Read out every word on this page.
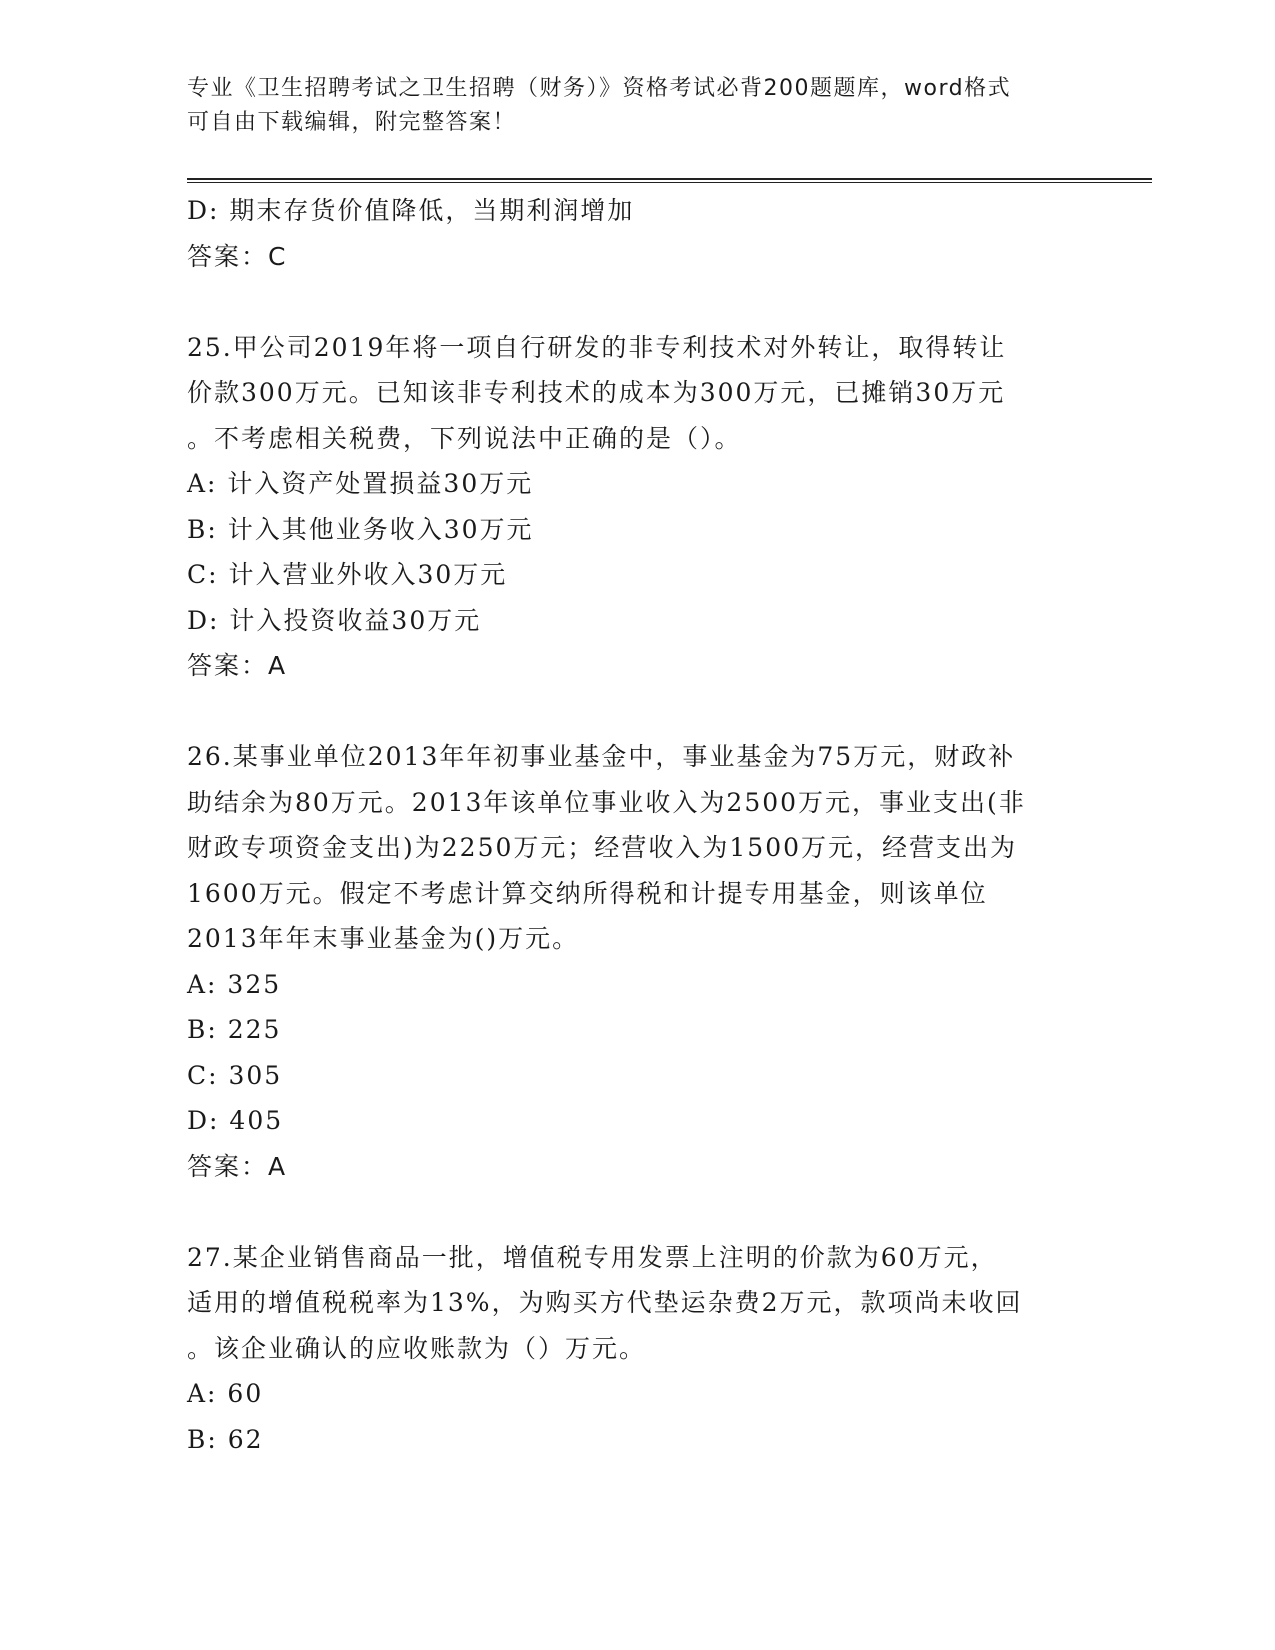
专业《卫生招聘考试之卫生招聘（财务）》资格考试必背200题题库，word格式
可自由下载编辑，附完整答案！
D: 期末存货价值降低，当期利润增加
答案：C
25.甲公司2019年将一项自行研发的非专利技术对外转让，取得转让
价款300万元。已知该非专利技术的成本为300万元，已摊销30万元
。不考虑相关税费，下列说法中正确的是（）。
A: 计入资产处置损益30万元
B: 计入其他业务收入30万元
C: 计入营业外收入30万元
D: 计入投资收益30万元
答案：A
26.某事业单位2013年年初事业基金中，事业基金为75万元，财政补
助结余为80万元。2013年该单位事业收入为2500万元，事业支出(非
财政专项资金支出)为2250万元；经营收入为1500万元，经营支出为
1600万元。假定不考虑计算交纳所得税和计提专用基金，则该单位
2013年年末事业基金为()万元。
A: 325
B: 225
C: 305
D: 405
答案：A
27.某企业销售商品一批，增值税专用发票上注明的价款为60万元，
适用的增值税税率为13%，为购买方代垫运杂费2万元，款项尚未收回
。该企业确认的应收账款为（）万元。
A: 60
B: 62
